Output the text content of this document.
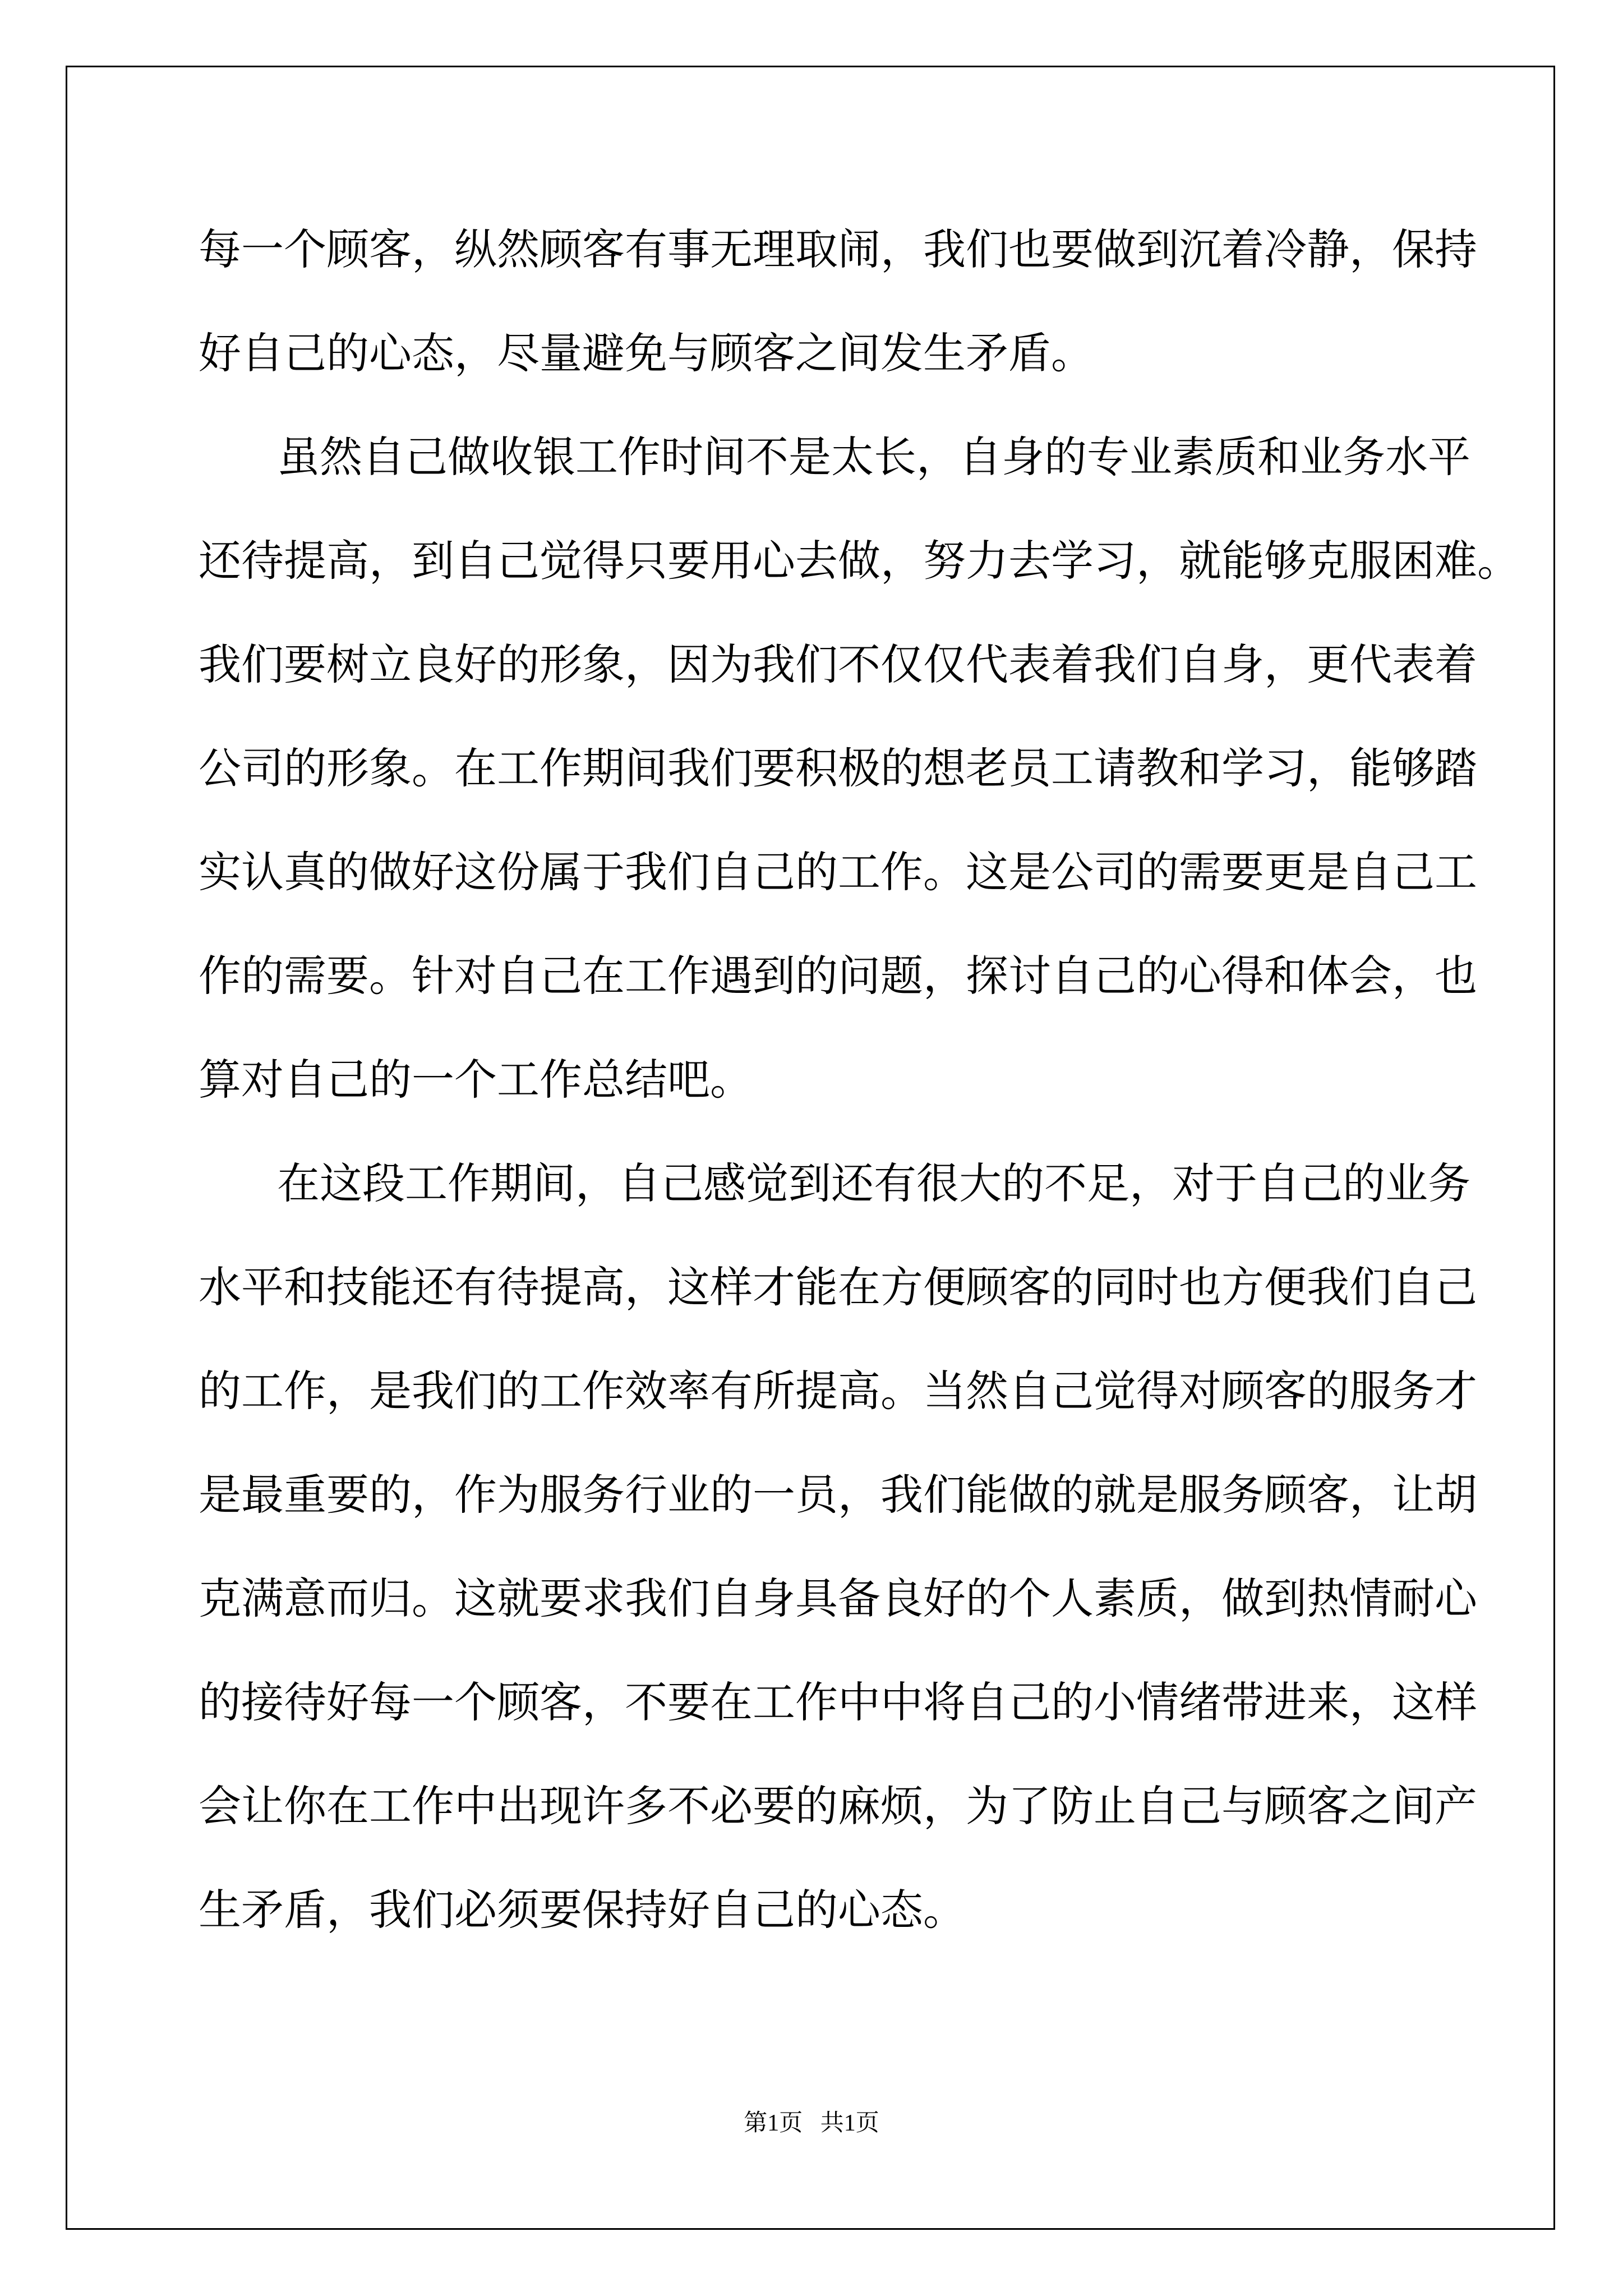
每一个顾客，纵然顾客有事无理取闹，我们也要做到沉着冷静，保持

好自己的心态，尽量避免与顾客之间发生矛盾。

虽然自己做收银工作时间不是太长，自身的专业素质和业务水平

还待提高，到自己觉得只要用心去做，努力去学习，就能够克服困难。

我们要树立良好的形象，因为我们不仅仅代表着我们自身，更代表着

公司的形象。在工作期间我们要积极的想老员工请教和学习，能够踏

实认真的做好这份属于我们自己的工作。这是公司的需要更是自己工

作的需要。针对自己在工作遇到的问题，探讨自己的心得和体会，也

算对自己的一个工作总结吧。

在这段工作期间，自己感觉到还有很大的不足，对于自己的业务

水平和技能还有待提高，这样才能在方便顾客的同时也方便我们自己

的工作，是我们的工作效率有所提高。当然自己觉得对顾客的服务才

是最重要的，作为服务行业的一员，我们能做的就是服务顾客，让胡

克满意而归。这就要求我们自身具备良好的个人素质，做到热情耐心

的接待好每一个顾客，不要在工作中中将自己的小情绪带进来，这样

会让你在工作中出现许多不必要的麻烦，为了防止自己与顾客之间产

生矛盾，我们必须要保持好自己的心态。

第1页   共1页
